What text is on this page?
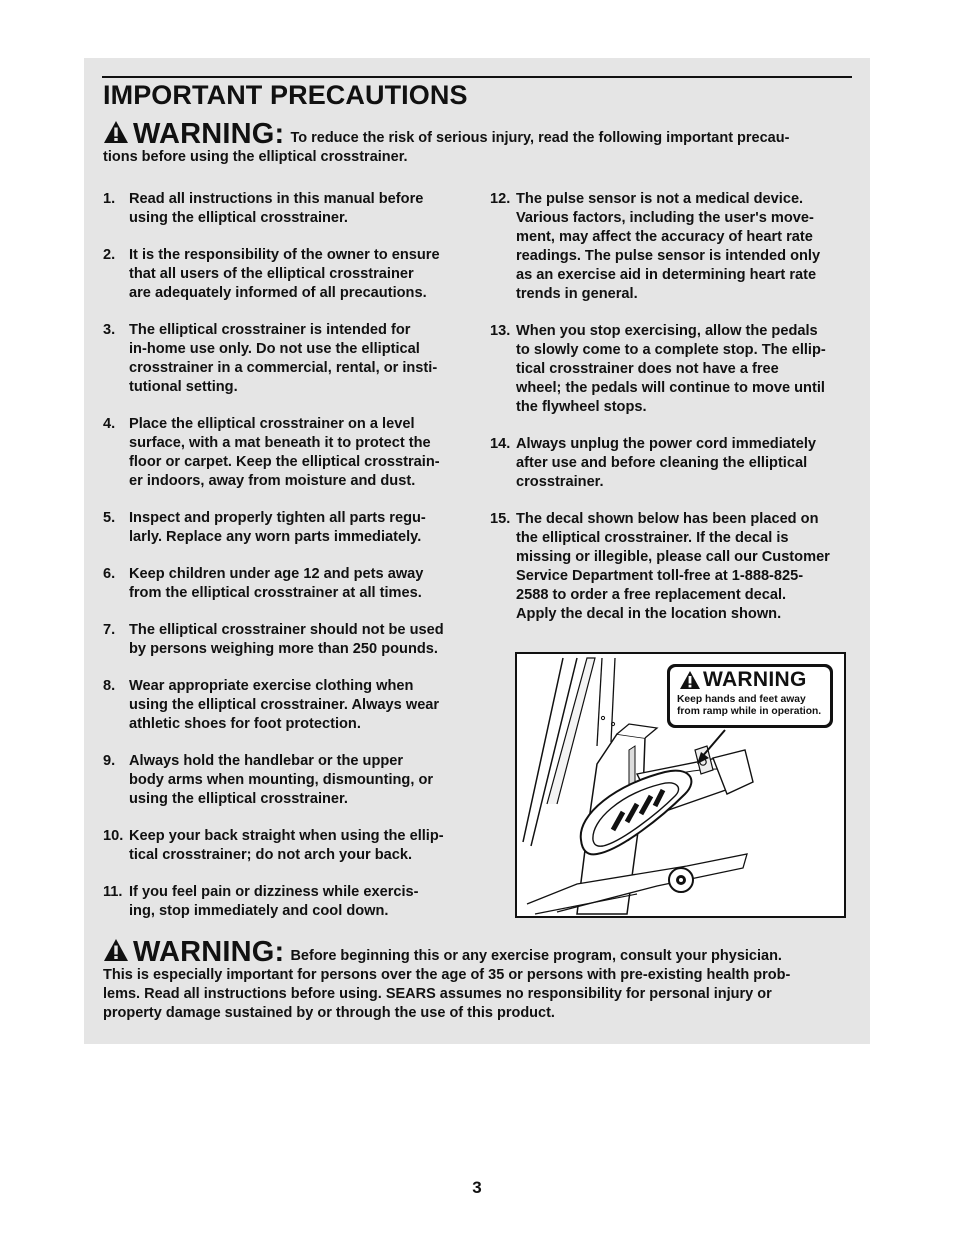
IMPORTANT PRECAUTIONS
WARNING: To reduce the risk of serious injury, read the following important precau-
tions before using the elliptical crosstrainer.
1. Read all instructions in this manual before
using the elliptical crosstrainer.
2. It is the responsibility of the owner to ensure
that all users of the elliptical crosstrainer
are adequately informed of all precautions.
3. The elliptical crosstrainer is intended for
in-home use only. Do not use the elliptical
crosstrainer in a commercial, rental, or insti-
tutional setting.
4. Place the elliptical crosstrainer on a level
surface, with a mat beneath it to protect the
floor or carpet. Keep the elliptical crosstrain-
er indoors, away from moisture and dust.
5. Inspect and properly tighten all parts regu-
larly. Replace any worn parts immediately.
6. Keep children under age 12 and pets away
from the elliptical crosstrainer at all times.
7. The elliptical crosstrainer should not be used
by persons weighing more than 250 pounds.
8. Wear appropriate exercise clothing when
using the elliptical crosstrainer. Always wear
athletic shoes for foot protection.
9. Always hold the handlebar or the upper
body arms when mounting, dismounting, or
using the elliptical crosstrainer.
10. Keep your back straight when using the ellip-
tical crosstrainer; do not arch your back.
11. If you feel pain or dizziness while exercis-
ing, stop immediately and cool down.
12. The pulse sensor is not a medical device.
Various factors, including the user's move-
ment, may affect the accuracy of heart rate
readings. The pulse sensor is intended only
as an exercise aid in determining heart rate
trends in general.
13. When you stop exercising, allow the pedals
to slowly come to a complete stop. The ellip-
tical crosstrainer does not have a free
wheel; the pedals will continue to move until
the flywheel stops.
14. Always unplug the power cord immediately
after use and before cleaning the elliptical
crosstrainer.
15. The decal shown below has been placed on
the elliptical crosstrainer. If the decal is
missing or illegible, please call our Customer
Service Department toll-free at 1-888-825-
2588 to order a free replacement decal.
Apply the decal in the location shown.
WARNING
Keep hands and feet away
from ramp while in operation.
WARNING: Before beginning this or any exercise program, consult your physician.
This is especially important for persons over the age of 35 or persons with pre-existing health prob-
lems. Read all instructions before using. SEARS assumes no responsibility for personal injury or
property damage sustained by or through the use of this product.
3
